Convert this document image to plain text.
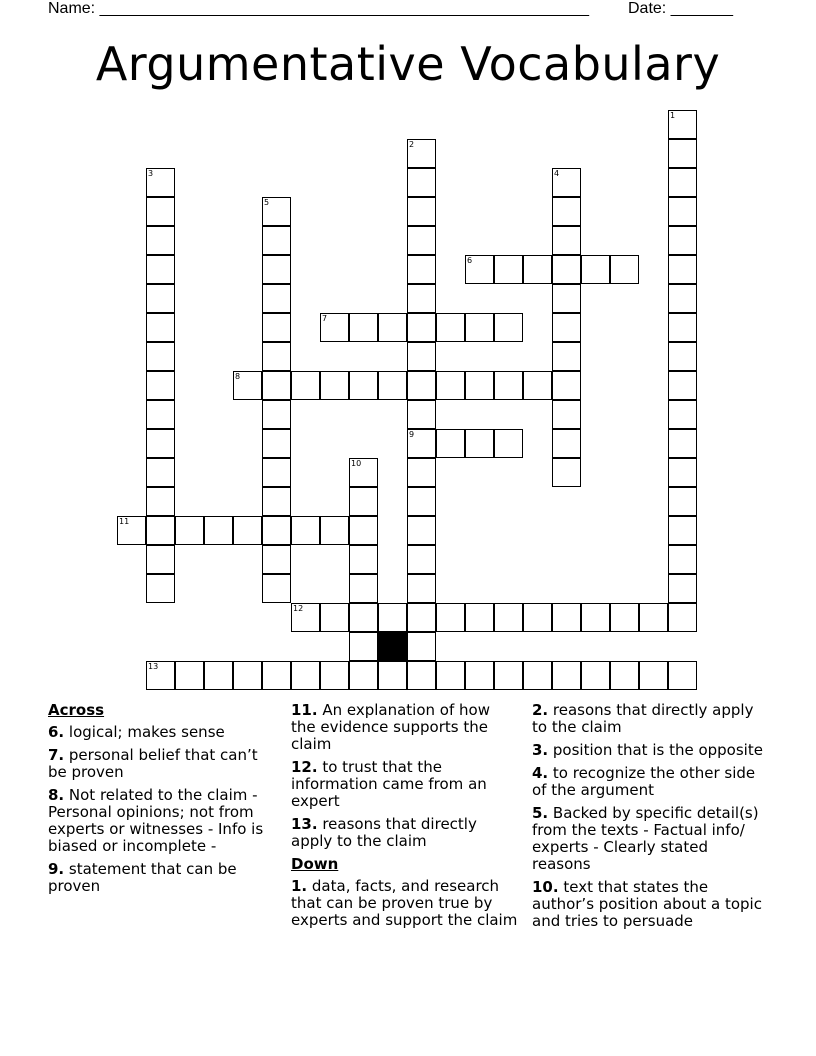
Name: _______________________________________________________ Date: _______
Argumentative Vocabulary
1
2
9
3	4
5
6
7
8
10
11
12
13
Across
6. logical; makes sense
7. personal belief that can’t be proven
8. Not related to the claim - Personal opinions; not from experts or witnesses - Info is biased or incomplete -
9. statement that can be proven
11. An explanation of how the evidence supports the claim
12. to trust that the information came from an expert
13. reasons that directly apply to the claim
Down
1. data, facts, and research that can be proven true by experts and support the claim
2. reasons that directly apply to the claim
3. position that is the opposite
4. to recognize the other side of the argument
5. Backed by specific detail(s) from the texts - Factual info/ experts - Clearly stated reasons
10. text that states the author’s position about a topic and tries to persuade
